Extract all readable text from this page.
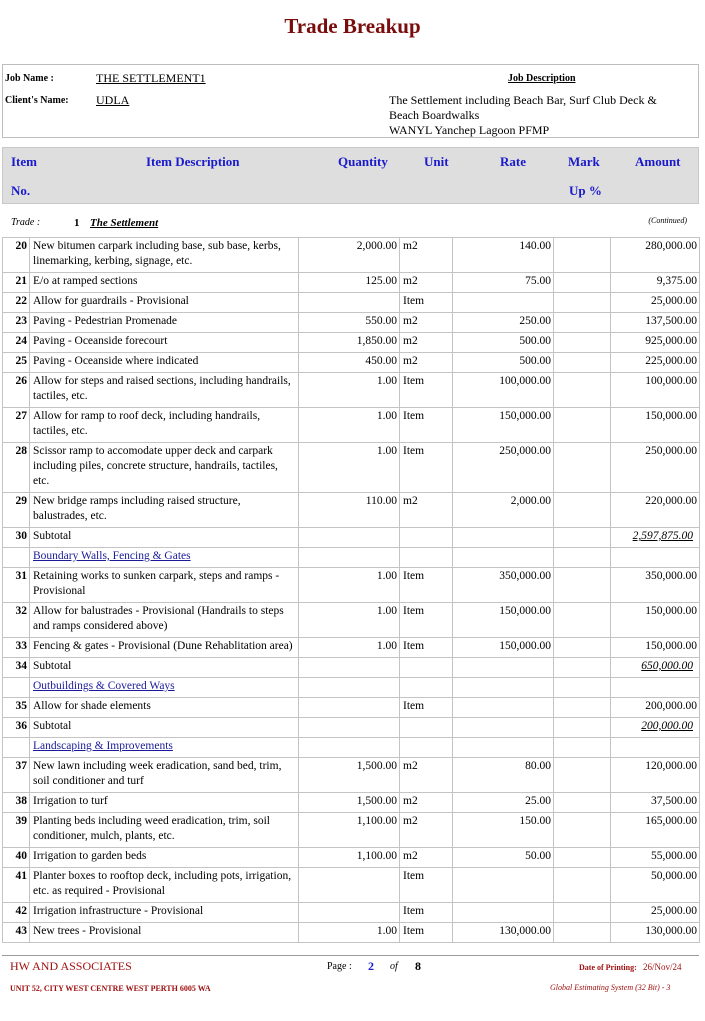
Trade Breakup
Job Name :	THE SETTLEMENT1	Job Description
Client's Name: UDLA	The Settlement including Beach Bar, Surf Club Deck &
Beach Boardwalks
WANYL Yanchep Lagoon PFMP
Item
No.
Item Description	Quantity	Unit	Rate	Mark
Up %
Amount
Trade :	1 The Settlement	(Continued)
20	New bitumen carpark including base, sub base, kerbs, linemarking, kerbing, signage, etc.	2,000.00	m2	140.00		280,000.00
21	E/o at ramped sections	125.00	m2	75.00		9,375.00
22	Allow for guardrails - Provisional		Item			25,000.00
23	Paving - Pedestrian Promenade	550.00	m2	250.00		137,500.00
24	Paving - Oceanside forecourt	1,850.00	m2	500.00		925,000.00
25	Paving - Oceanside where indicated	450.00	m2	500.00		225,000.00
26	Allow for steps and raised sections, including handrails, tactiles, etc.	1.00	Item	100,000.00		100,000.00
27	Allow for ramp to roof deck, including handrails, tactiles, etc.	1.00	Item	150,000.00		150,000.00
28	Scissor ramp to accomodate upper deck and carpark including piles, concrete structure, handrails, tactiles, etc.	1.00	Item	250,000.00		250,000.00
29	New bridge ramps including raised structure, balustrades, etc.	110.00	m2	2,000.00		220,000.00
30	Subtotal					2,597,875.00
	Boundary Walls, Fencing & Gates					
31	Retaining works to sunken carpark, steps and ramps - Provisional	1.00	Item	350,000.00		350,000.00
32	Allow for balustrades - Provisional (Handrails to steps and ramps considered above)	1.00	Item	150,000.00		150,000.00
33	Fencing & gates - Provisional (Dune Rehablitation area)	1.00	Item	150,000.00		150,000.00
34	Subtotal					650,000.00
	Outbuildings & Covered Ways					
35	Allow for shade elements		Item			200,000.00
36	Subtotal					200,000.00
	Landscaping & Improvements					
37	New lawn including week eradication, sand bed, trim, soil conditioner and turf	1,500.00	m2	80.00		120,000.00
38	Irrigation to turf	1,500.00	m2	25.00		37,500.00
39	Planting beds including weed eradication, trim, soil conditioner, mulch, plants, etc.	1,100.00	m2	150.00		165,000.00
40	Irrigation to garden beds	1,100.00	m2	50.00		55,000.00
41	Planter boxes to rooftop deck, including pots, irrigation, etc. as required - Provisional		Item			50,000.00
42	Irrigation infrastructure - Provisional		Item			25,000.00
43	New trees - Provisional	1.00	Item	130,000.00		130,000.00
HW AND ASSOCIATES	Page : 2 of 8	Date of Printing: 26/Nov/24
UNIT 52, CITY WEST CENTRE WEST PERTH 6005 WA	Global Estimating System (32 Bit) - 3
